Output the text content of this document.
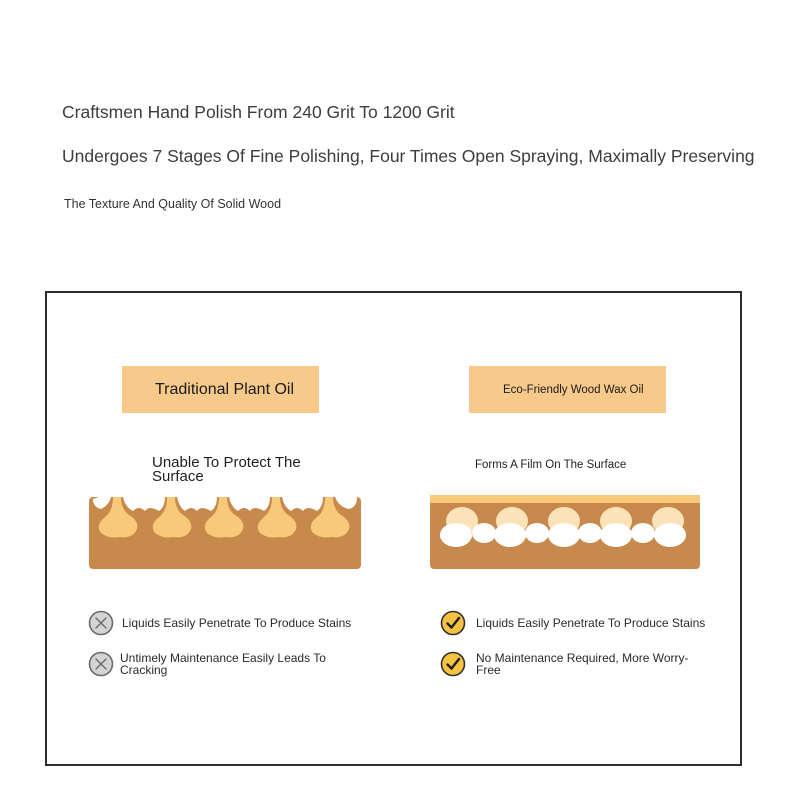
Craftsmen Hand Polish From 240 Grit To 1200 Grit
Undergoes 7 Stages Of Fine Polishing, Four Times Open Spraying, Maximally Preserving

The Texture And Quality Of Solid Wood

Traditional Plant Oil	Eco-Friendly Wood Wax Oil
Unable To Protect The Surface
Forms A Film On The Surface
Liquids Easily Penetrate To Produce Stains
Untimely Maintenance Easily Leads To Cracking
Liquids Easily Penetrate To Produce Stains
No Maintenance Required, More Worry-Free
